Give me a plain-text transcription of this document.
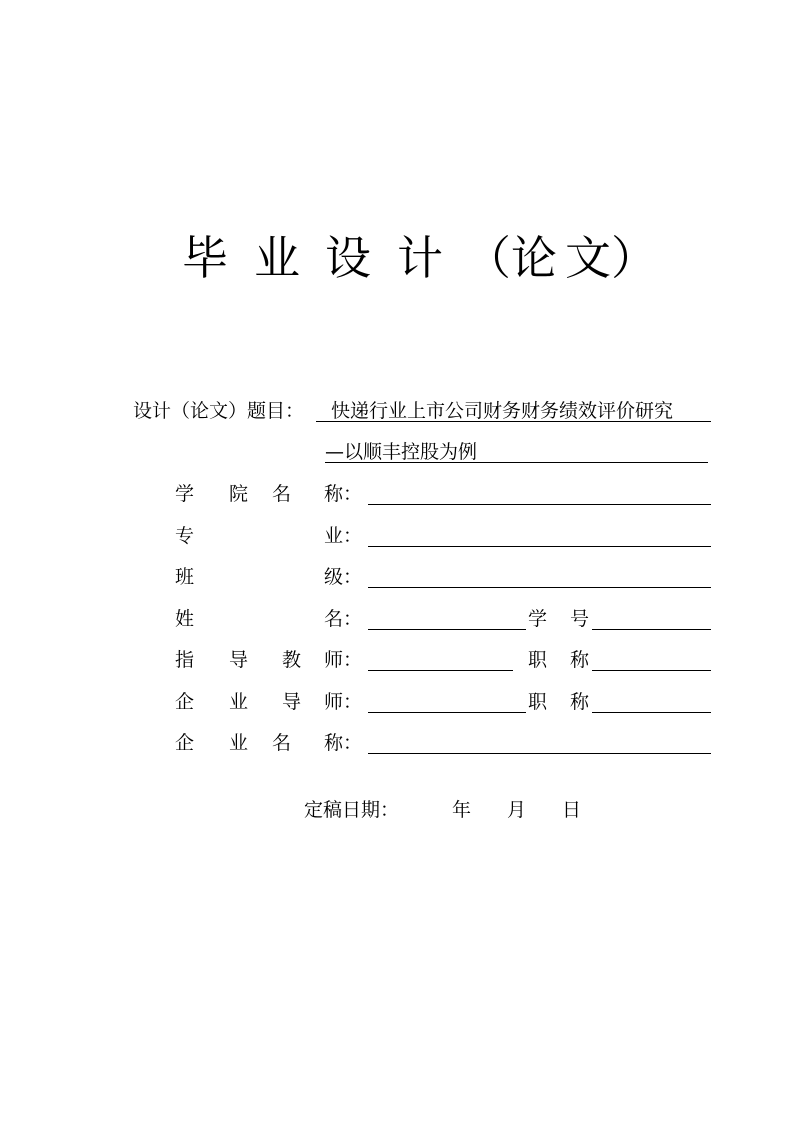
毕 业 设 计 （论 文）
设计（论文）题目： 快递行业上市公司财务财务绩效评价研究
—以顺丰控股为例
学 院 名 称：
专	业：
班	级：
姓	名：	学 号
指 导 教 师：	职 称
企 业 导 师：	职 称
企 业 名 称：
定稿日期：	年 月 日
